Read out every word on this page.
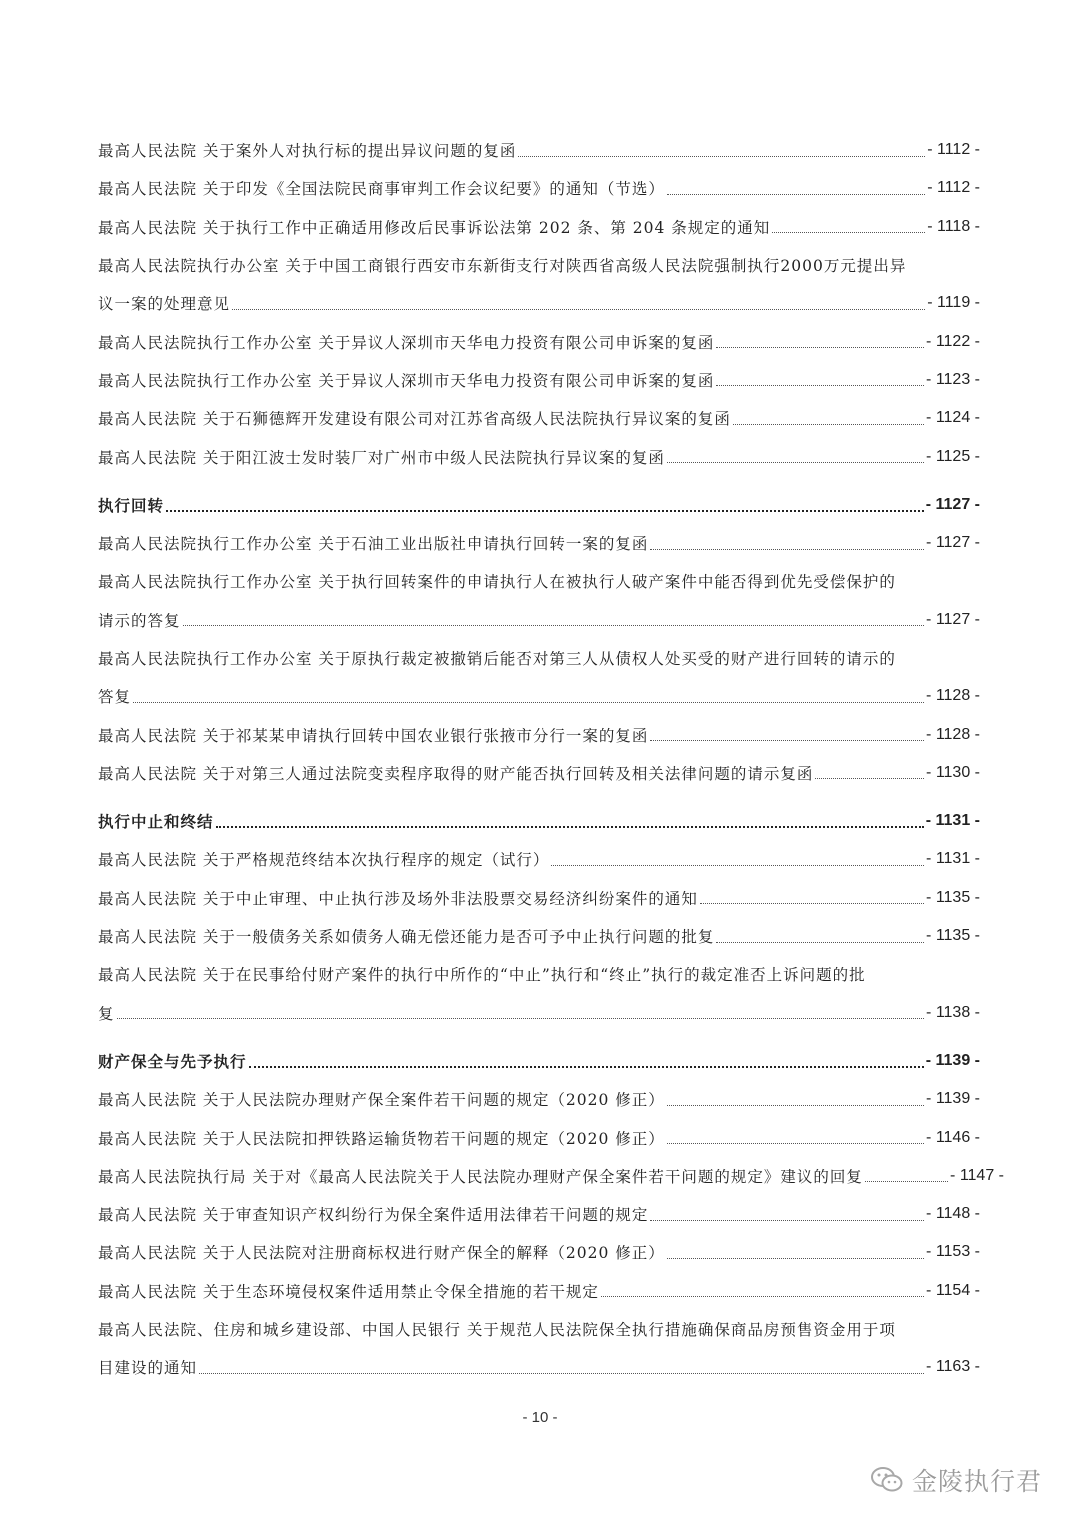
最高人民法院 关于案外人对执行标的提出异议问题的复函	- 1112 -
最高人民法院 关于印发《全国法院民商事审判工作会议纪要》的通知（节选）	- 1112 -
最高人民法院 关于执行工作中正确适用修改后民事诉讼法第 202 条、第 204 条规定的通知	- 1118 -
最高人民法院执行办公室 关于中国工商银行西安市东新街支行对陕西省高级人民法院强制执行2000万元提出异
议一案的处理意见	- 1119 -
最高人民法院执行工作办公室 关于异议人深圳市天华电力投资有限公司申诉案的复函	- 1122 -
最高人民法院执行工作办公室 关于异议人深圳市天华电力投资有限公司申诉案的复函	- 1123 -
最高人民法院 关于石狮德辉开发建设有限公司对江苏省高级人民法院执行异议案的复函	- 1124 -
最高人民法院 关于阳江波士发时装厂对广州市中级人民法院执行异议案的复函	- 1125 -
执行回转	- 1127 -
最高人民法院执行工作办公室 关于石油工业出版社申请执行回转一案的复函	- 1127 -
最高人民法院执行工作办公室 关于执行回转案件的申请执行人在被执行人破产案件中能否得到优先受偿保护的
请示的答复	- 1127 -
最高人民法院执行工作办公室 关于原执行裁定被撤销后能否对第三人从债权人处买受的财产进行回转的请示的
答复	- 1128 -
最高人民法院 关于祁某某申请执行回转中国农业银行张掖市分行一案的复函	- 1128 -
最高人民法院 关于对第三人通过法院变卖程序取得的财产能否执行回转及相关法律问题的请示复函	- 1130 -
执行中止和终结	- 1131 -
最高人民法院 关于严格规范终结本次执行程序的规定（试行）	- 1131 -
最高人民法院 关于中止审理、中止执行涉及场外非法股票交易经济纠纷案件的通知	- 1135 -
最高人民法院 关于一般债务关系如债务人确无偿还能力是否可予中止执行问题的批复	- 1135 -
最高人民法院 关于在民事给付财产案件的执行中所作的“中止”执行和“终止”执行的裁定准否上诉问题的批
复	- 1138 -
财产保全与先予执行	- 1139 -
最高人民法院 关于人民法院办理财产保全案件若干问题的规定（2020 修正）	- 1139 -
最高人民法院 关于人民法院扣押铁路运输货物若干问题的规定（2020 修正）	- 1146 -
最高人民法院执行局 关于对《最高人民法院关于人民法院办理财产保全案件若干问题的规定》建议的回复	- 1147 -
最高人民法院 关于审查知识产权纠纷行为保全案件适用法律若干问题的规定	- 1148 -
最高人民法院 关于人民法院对注册商标权进行财产保全的解释（2020 修正）	- 1153 -
最高人民法院 关于生态环境侵权案件适用禁止令保全措施的若干规定	- 1154 -
最高人民法院、住房和城乡建设部、中国人民银行 关于规范人民法院保全执行措施确保商品房预售资金用于项
目建设的通知	- 1163 -
- 10 -
金陵执行君
